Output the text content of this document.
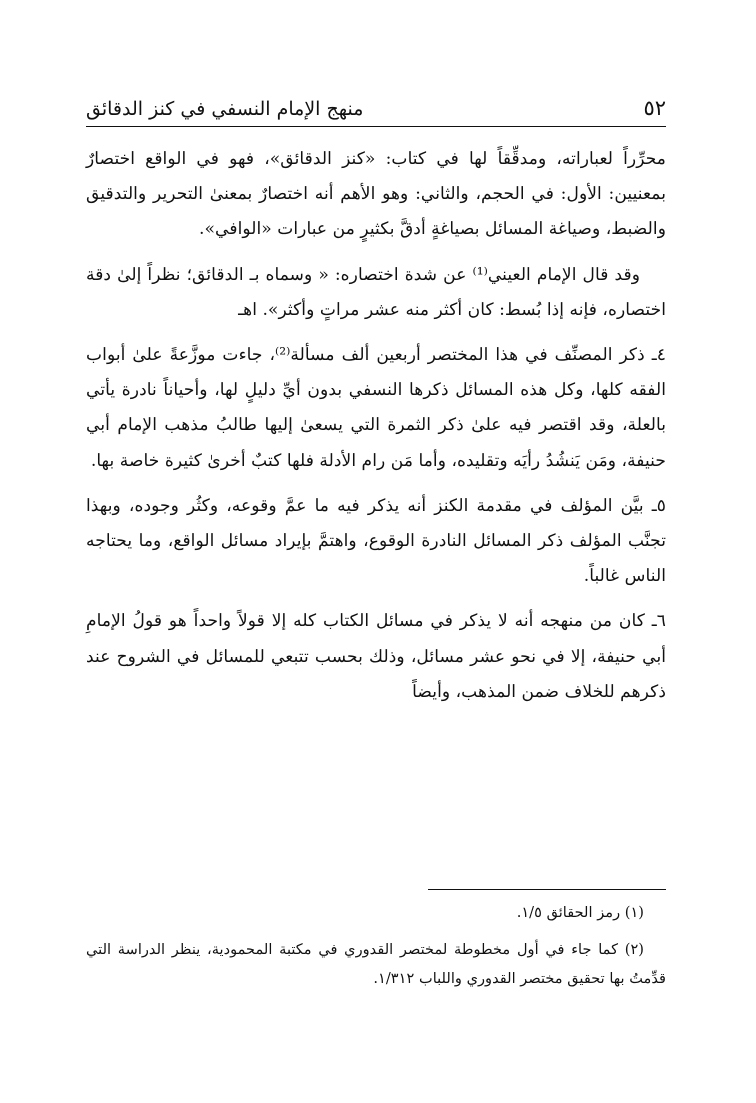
٥٢
منهج الإمام النسفي في كنز الدقائق

محرِّراً لعباراته، ومدقِّقاً لها في كتاب: «كنز الدقائق»، فهو في الواقع اختصارٌ بمعنيين: الأول: في الحجم، والثاني: وهو الأهم أنه اختصارٌ بمعنىٰ التحرير والتدقيق والضبط، وصياغة المسائل بصياغةٍ أدقَّ بكثيرٍ من عبارات «الوافي».

وقد قال الإمام العيني⁽¹⁾ عن شدة اختصاره: « وسماه بـ الدقائق؛ نظراً إلىٰ دقة اختصاره، فإنه إذا بُسط: كان أكثر منه عشر مراتٍ وأكثر». اهـ

٤ـ ذكر المصنِّف في هذا المختصر أربعين ألف مسألة⁽²⁾، جاءت موزَّعةً علىٰ أبواب الفقه كلها، وكل هذه المسائل ذكرها النسفي بدون أيِّ دليلٍ لها، وأحياناً نادرة يأتي بالعلة، وقد اقتصر فيه علىٰ ذكر الثمرة التي يسعىٰ إليها طالبُ مذهب الإمام أبي حنيفة، ومَن يَنشُدُ رأيَه وتقليده، وأما مَن رام الأدلة فلها كتبٌ أخرىٰ كثيرة خاصة بها.

٥ـ بيَّن المؤلف في مقدمة الكنز أنه يذكر فيه ما عمَّ وقوعه، وكثُر وجوده، وبهذا تجنَّب المؤلف ذكر المسائل النادرة الوقوع، واهتمَّ بإيراد مسائل الواقع، وما يحتاجه الناس غالباً.

٦ـ كان من منهجه أنه لا يذكر في مسائل الكتاب كله إلا قولاً واحداً هو قولُ الإمامِ أبي حنيفة، إلا في نحو عشر مسائل، وذلك بحسب تتبعي للمسائل في الشروح عند ذكرهم للخلاف ضمن المذهب، وأيضاً

(١) رمز الحقائق ١/٥.

(٢) كما جاء في أول مخطوطة لمختصر القدوري في مكتبة المحمودية، ينظر الدراسة التي قدِّمتُ بها تحقيق مختصر القدوري واللباب ١/٣١٢.
